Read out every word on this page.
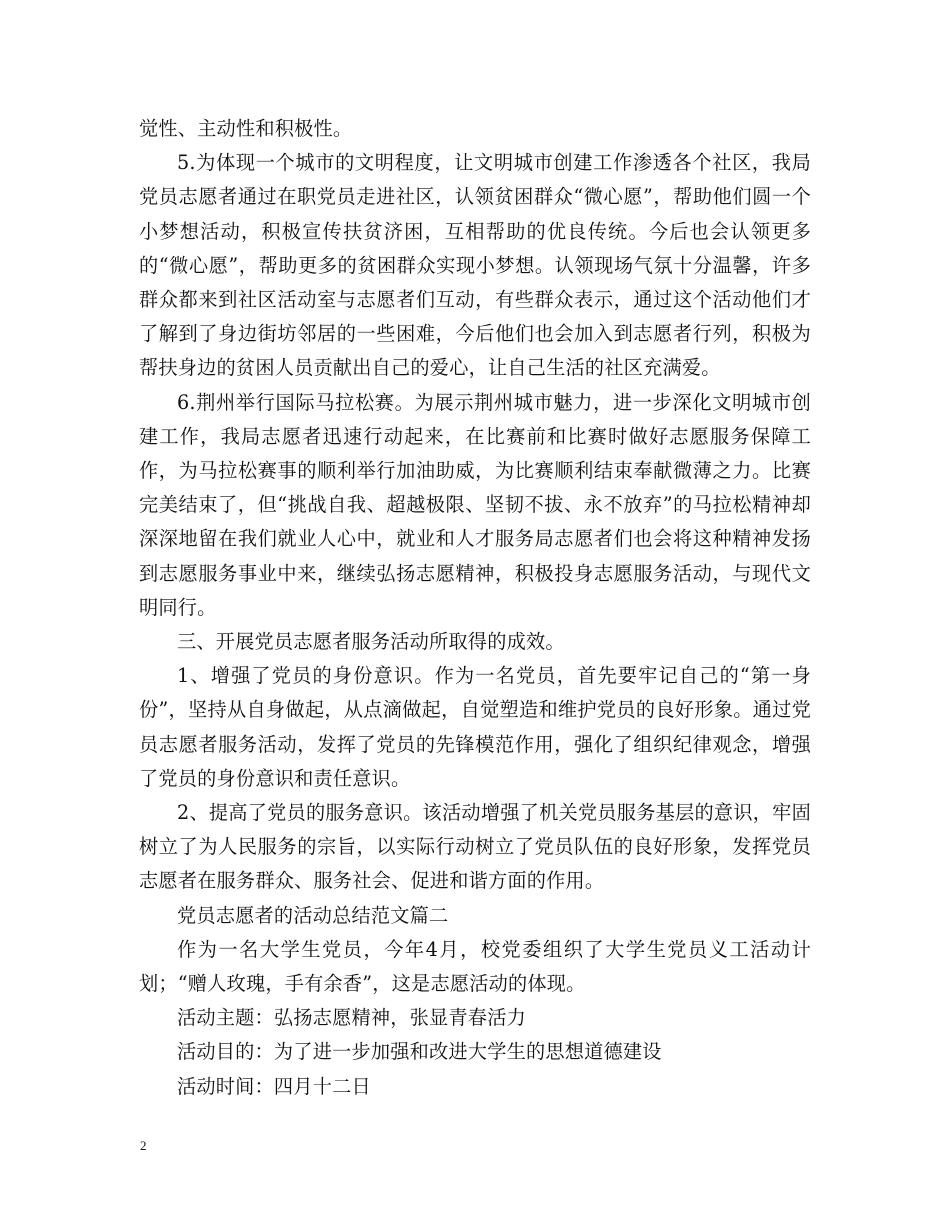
觉性、主动性和积极性。

5.为体现一个城市的文明程度，让文明城市创建工作渗透各个社区，我局党员志愿者通过在职党员走进社区，认领贫困群众“微心愿”，帮助他们圆一个小梦想活动，积极宣传扶贫济困，互相帮助的优良传统。今后也会认领更多的“微心愿”，帮助更多的贫困群众实现小梦想。认领现场气氛十分温馨，许多群众都来到社区活动室与志愿者们互动，有些群众表示，通过这个活动他们才了解到了身边街坊邻居的一些困难，今后他们也会加入到志愿者行列，积极为帮扶身边的贫困人员贡献出自己的爱心，让自己生活的社区充满爱。

6.荆州举行国际马拉松赛。为展示荆州城市魅力，进一步深化文明城市创建工作，我局志愿者迅速行动起来，在比赛前和比赛时做好志愿服务保障工作，为马拉松赛事的顺利举行加油助威，为比赛顺利结束奉献微薄之力。比赛完美结束了，但“挑战自我、超越极限、坚韧不拔、永不放弃”的马拉松精神却深深地留在我们就业人心中，就业和人才服务局志愿者们也会将这种精神发扬到志愿服务事业中来，继续弘扬志愿精神，积极投身志愿服务活动，与现代文明同行。

三、开展党员志愿者服务活动所取得的成效。

1、增强了党员的身份意识。作为一名党员，首先要牢记自己的“第一身份”，坚持从自身做起，从点滴做起，自觉塑造和维护党员的良好形象。通过党员志愿者服务活动，发挥了党员的先锋模范作用，强化了组织纪律观念，增强了党员的身份意识和责任意识。

2、提高了党员的服务意识。该活动增强了机关党员服务基层的意识，牢固树立了为人民服务的宗旨，以实际行动树立了党员队伍的良好形象，发挥党员志愿者在服务群众、服务社会、促进和谐方面的作用。

党员志愿者的活动总结范文篇二

作为一名大学生党员，今年4月，校党委组织了大学生党员义工活动计划；“赠人玫瑰，手有余香”，这是志愿活动的体现。

活动主题：弘扬志愿精神，张显青春活力

活动目的：为了进一步加强和改进大学生的思想道德建设

活动时间：四月十二日

2
